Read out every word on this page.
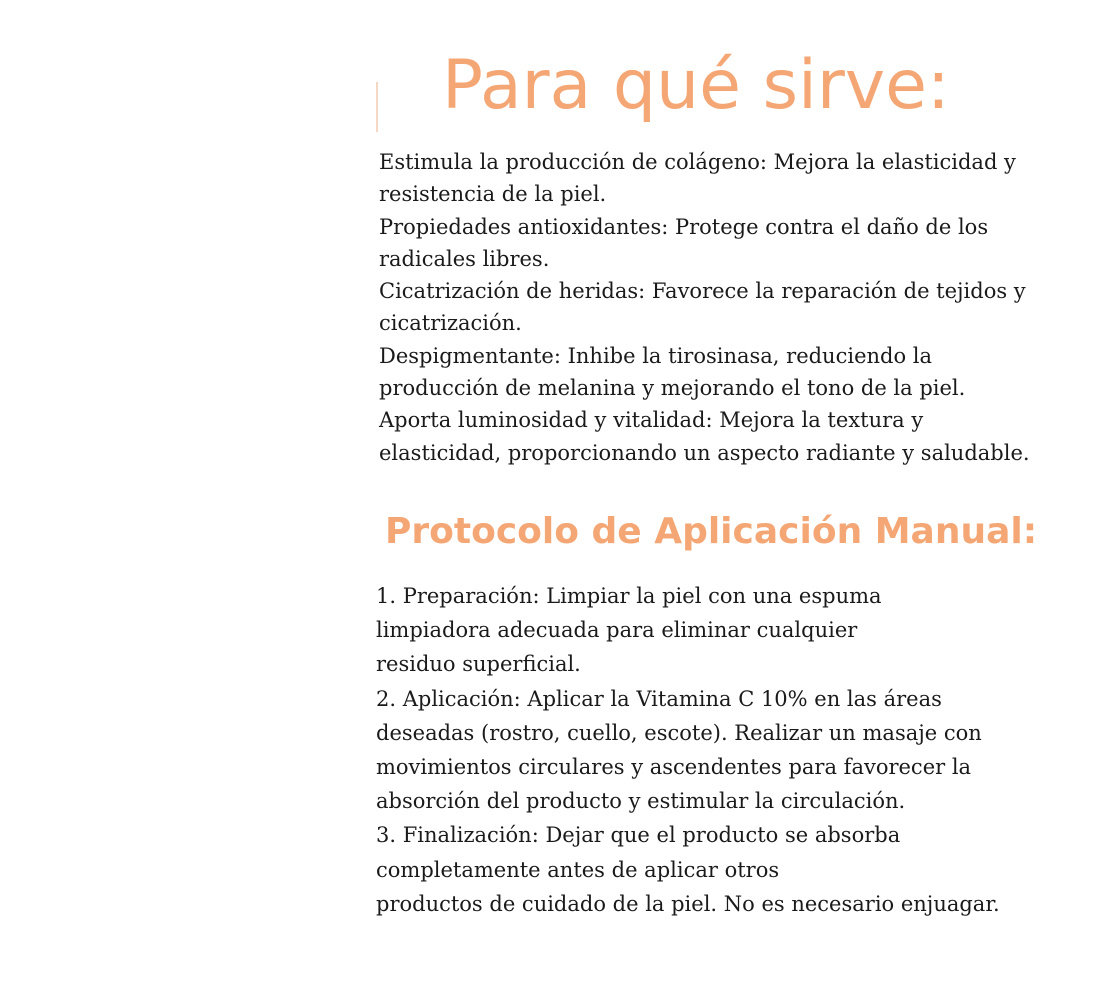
Para qué sirve:
Estimula la producción de colágeno: Mejora la elasticidad y
resistencia de la piel.
Propiedades antioxidantes: Protege contra el daño de los
radicales libres.
Cicatrización de heridas: Favorece la reparación de tejidos y
cicatrización.
Despigmentante: Inhibe la tirosinasa, reduciendo la
producción de melanina y mejorando el tono de la piel.
Aporta luminosidad y vitalidad: Mejora la textura y
elasticidad, proporcionando un aspecto radiante y saludable.
Protocolo de Aplicación Manual:
1. Preparación: Limpiar la piel con una espuma
limpiadora adecuada para eliminar cualquier
residuo superficial.
2. Aplicación: Aplicar la Vitamina C 10% en las áreas
deseadas (rostro, cuello, escote). Realizar un masaje con
movimientos circulares y ascendentes para favorecer la
absorción del producto y estimular la circulación.
3. Finalización: Dejar que el producto se absorba
completamente antes de aplicar otros
productos de cuidado de la piel. No es necesario enjuagar.
